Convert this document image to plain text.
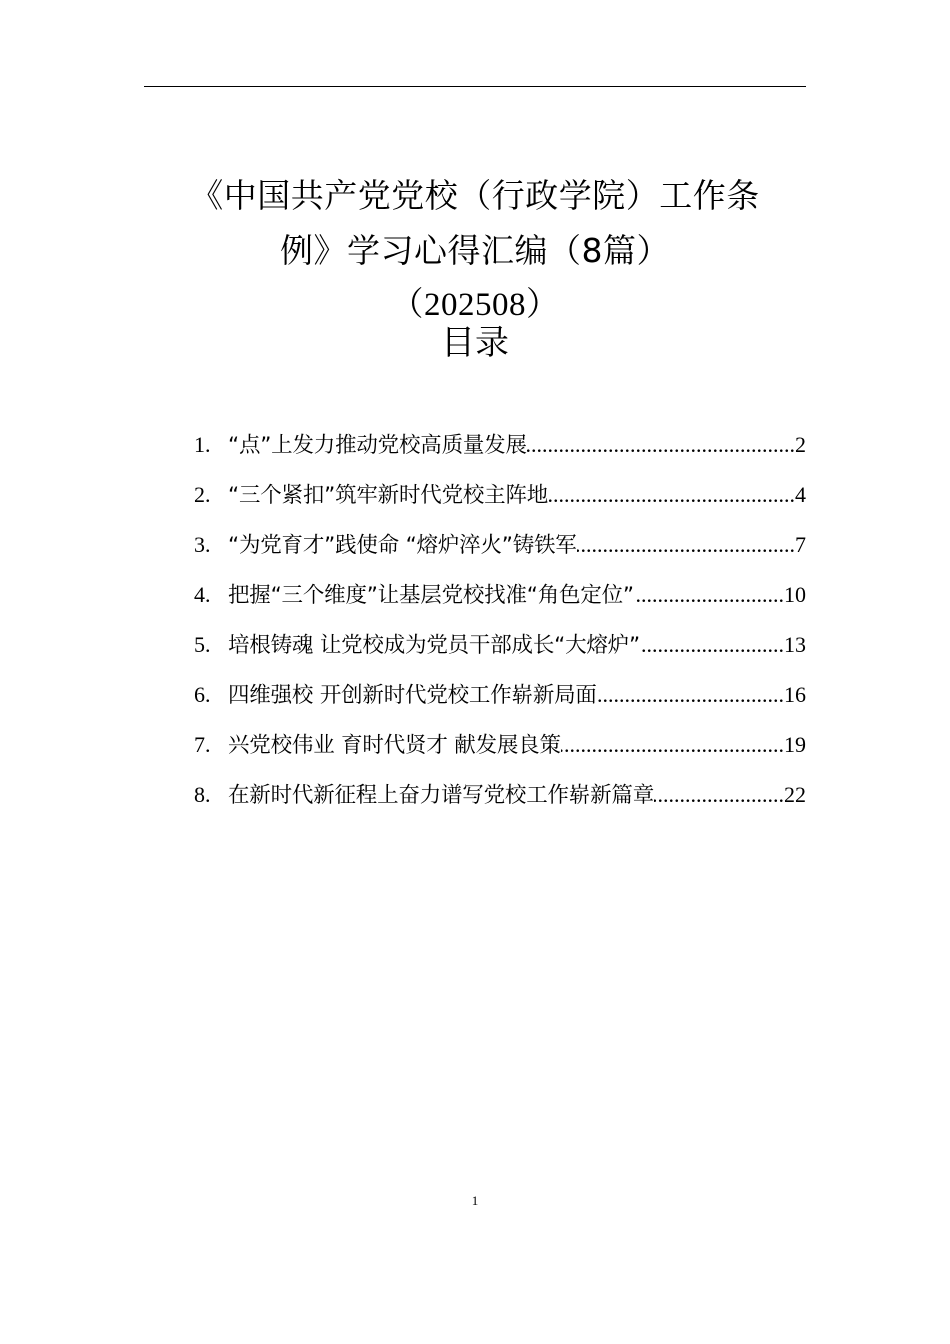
《中国共产党党校（行政学院）工作条
例》学习心得汇编（8篇）
（202508）
目录
1. “点”上发力推动党校高质量发展 .....	2
2. “三个紧扣”筑牢新时代党校主阵地 .....	4
3. “为党育才”践使命 “熔炉淬火”铸铁军 .....	7
4. 把握“三个维度”让基层党校找准“角色定位” .....	10
5. 培根铸魂 让党校成为党员干部成长“大熔炉” .....	13
6. 四维强校 开创新时代党校工作崭新局面 .....	16
7. 兴党校伟业 育时代贤才 献发展良策 .....	19
8. 在新时代新征程上奋力谱写党校工作崭新篇章 .....	22
1
